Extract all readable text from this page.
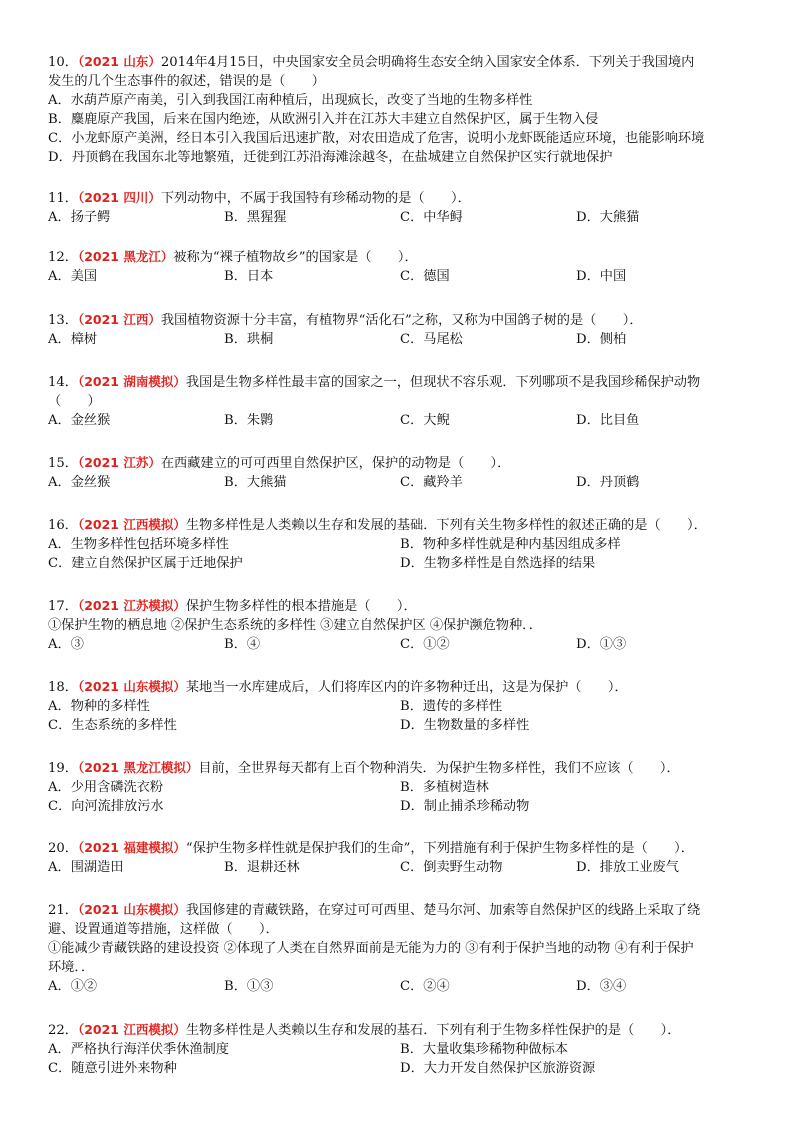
10．（2021 山东）2014年4月15日，中央国家安全员会明确将生态安全纳入国家安全体系．下列关于我国境内
发生的几个生态事件的叙述，错误的是（　　）
A．水葫芦原产南美，引入到我国江南种植后，出现疯长，改变了当地的生物多样性
B．麋鹿原产我国，后来在国内绝迹，从欧洲引入并在江苏大丰建立自然保护区，属于生物入侵
C．小龙虾原产美洲，经日本引入我国后迅速扩散，对农田造成了危害，说明小龙虾既能适应环境，也能影响环境
D．丹顶鹤在我国东北等地繁殖，迁徙到江苏沿海滩涂越冬，在盐城建立自然保护区实行就地保护
11．（2021 四川）下列动物中，不属于我国特有珍稀动物的是（　　）．
A．扬子鳄	B．黑猩猩	C．中华鲟	D．大熊猫
12．（2021 黑龙江）被称为“裸子植物故乡”的国家是（　　）．
A．美国	B．日本	C．德国	D．中国
13．（2021 江西）我国植物资源十分丰富，有植物界“活化石”之称，又称为中国鸽子树的是（　　）．
A．樟树	B．珙桐	C．马尾松	D．侧柏
14．（2021 湖南模拟）我国是生物多样性最丰富的国家之一，但现状不容乐观．下列哪项不是我国珍稀保护动物
（　　）
A．金丝猴	B．朱鹮	C．大鲵	D．比目鱼
15．（2021 江苏）在西藏建立的可可西里自然保护区，保护的动物是（　　）．
A．金丝猴	B．大熊猫	C．藏羚羊	D．丹顶鹤
16．（2021 江西模拟）生物多样性是人类赖以生存和发展的基础．下列有关生物多样性的叙述正确的是（　　）．
A．生物多样性包括环境多样性	B．物种多样性就是种内基因组成多样
C．建立自然保护区属于迁地保护	D．生物多样性是自然选择的结果
17．（2021 江苏模拟）保护生物多样性的根本措施是（　　）．
①保护生物的栖息地 ②保护生态系统的多样性 ③建立自然保护区 ④保护濒危物种．．
A．③	B．④	C．①②	D．①③
18．（2021 山东模拟）某地当一水库建成后，人们将库区内的许多物种迁出，这是为保护（　　）．
A．物种的多样性	B．遗传的多样性
C．生态系统的多样性	D．生物数量的多样性
19．（2021 黑龙江模拟）目前，全世界每天都有上百个物种消失．为保护生物多样性，我们不应该（　　）．
A．少用含磷洗衣粉	B．多植树造林
C．向河流排放污水	D．制止捕杀珍稀动物
20．（2021 福建模拟）“保护生物多样性就是保护我们的生命”，下列措施有利于保护生物多样性的是（　　）．
A．围湖造田	B．退耕还林	C．倒卖野生动物	D．排放工业废气
21．（2021 山东模拟）我国修建的青藏铁路，在穿过可可西里、楚马尔河、加索等自然保护区的线路上采取了绕
避、设置通道等措施，这样做（　　）．
①能减少青藏铁路的建设投资 ②体现了人类在自然界面前是无能为力的 ③有利于保护当地的动物 ④有利于保护
环境．．
A．①②	B．①③	C．②④	D．③④
22．（2021 江西模拟）生物多样性是人类赖以生存和发展的基石．下列有利于生物多样性保护的是（　　）．
A．严格执行海洋伏季休渔制度	B．大量收集珍稀物种做标本
C．随意引进外来物种	D．大力开发自然保护区旅游资源
